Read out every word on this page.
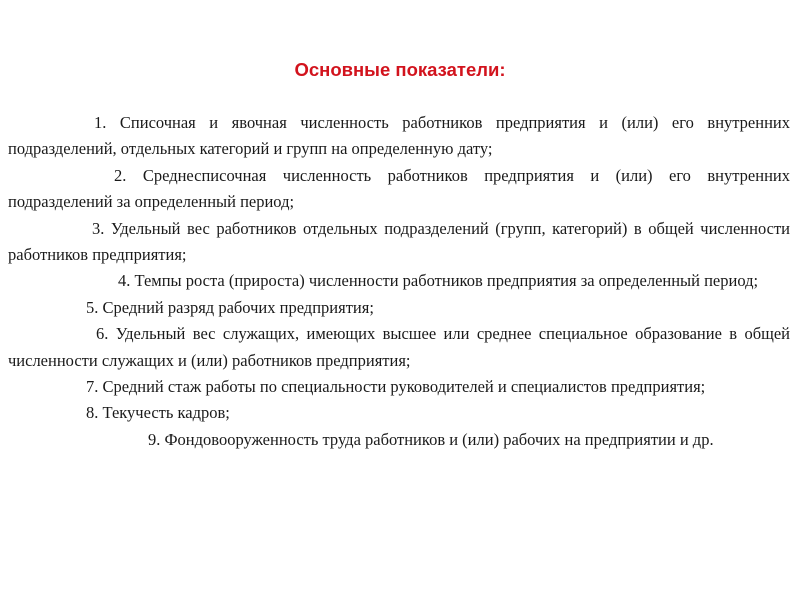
Основные показатели:

1. Списочная и явочная численность работников предприятия и (или) его внутренних подразделений, отдельных категорий и групп на определенную дату;

2. Среднесписочная численность работников предприятия и (или) его внутренних подразделений за определенный период;

3. Удельный вес работников отдельных подразделений (групп, категорий) в общей численности работников предприятия;

4. Темпы роста (прироста) численности работников предприятия за определенный период;

5. Средний разряд рабочих предприятия;

6. Удельный вес служащих, имеющих высшее или среднее специальное образование в общей численности служащих и (или) работников предприятия;

7. Средний стаж работы по специальности руководителей и специалистов предприятия;

8. Текучесть кадров;

9. Фондовооруженность труда работников и (или) рабочих на предприятии и др.
